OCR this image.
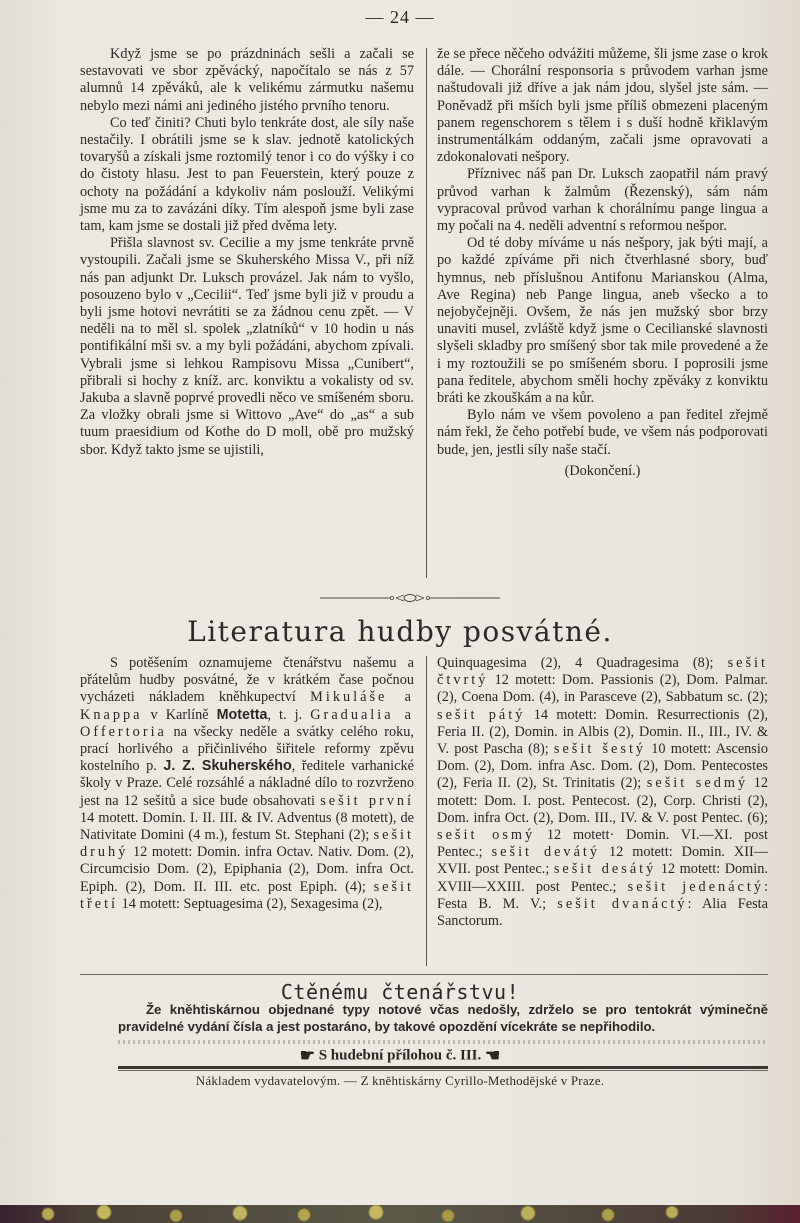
— 24 —

Když jsme se po prázdninách sešli a začali se sestavovati ve sbor zpěvácký, napočítalo se nás z 57 alumnů 14 zpěváků, ale k velikému zármutku našemu nebylo mezi námi ani jediného jistého prvního tenoru.

Co teď činiti? Chuti bylo tenkráte dost, ale síly naše nestačily. I obrátili jsme se k slav. jednotě katolických tovaryšů a získali jsme roztomilý tenor i co do výšky i co do čistoty hlasu. Jest to pan Feuerstein, který pouze z ochoty na požádání a kdykoliv nám poslouží. Velikými jsme mu za to zavázáni díky. Tím alespoň jsme byli zase tam, kam jsme se dostali již před dvěma lety.

Přišla slavnost sv. Cecilie a my jsme tenkráte prvně vystoupili. Začali jsme se Skuherského Missa V., při níž nás pan adjunkt Dr. Luksch provázel. Jak nám to vyšlo, posouzeno bylo v „Cecilii“. Teď jsme byli již v proudu a byli jsme hotovi nevrátiti se za žádnou cenu zpět. — V neděli na to měl sl. spolek „zlatníků“ v 10 hodin u nás pontifikální mši sv. a my byli požádáni, abychom zpívali. Vybrali jsme si lehkou Rampisovu Missa „Cunibert“, přibrali si hochy z kníž. arc. konviktu a vokalisty od sv. Jakuba a slavně poprvé provedli něco ve smíšeném sboru. Za vložky obrali jsme si Wittovo „Ave“ do „as“ a sub tuum praesidium od Kothe do D moll, obě pro mužský sbor. Když takto jsme se ujistili,

že se přece něčeho odvážiti můžeme, šli jsme zase o krok dále. — Chorální responsoria s průvodem varhan jsme naštudovali již dříve a jak nám jdou, slyšel jste sám. — Poněvadž při mších byli jsme příliš obmezeni placeným panem regenschorem s tělem i s duší hodně křiklavým instrumentálkám oddaným, začali jsme opravovati a zdokonalovati nešpory.

Příznivec náš pan Dr. Luksch zaopatřil nám pravý průvod varhan k žalmům (Řezenský), sám nám vypracoval průvod varhan k chorálnímu pange lingua a my počali na 4. neděli adventní s reformou nešpor.

Od té doby míváme u nás nešpory, jak býti mají, a po každé zpíváme při nich čtverhlasné sbory, buď hymnus, neb příslušnou Antifonu Marianskou (Alma, Ave Regina) neb Pange lingua, aneb všecko a to nejobyčejněji. Ovšem, že nás jen mužský sbor brzy unaviti musel, zvláště když jsme o Cecilianské slavnosti slyšeli skladby pro smíšený sbor tak mile provedené a že i my roztoužili se po smíšeném sboru. I poprosili jsme pana ředitele, abychom směli hochy zpěváky z konviktu bráti ke zkouškám a na kůr.

Bylo nám ve všem povoleno a pan ředitel zřejmě nám řekl, že čeho potřebí bude, ve všem nás podporovati bude, jen, jestli síly naše stačí.

(Dokončení.)

Literatura hudby posvátné.

S potěšením oznamujeme čtenářstvu našemu a přátelům hudby posvátné, že v krátkém čase počnou vycházeti nákladem kněhkupectví Mikuláše a Knappa v Karlíně Motetta, t. j. Gradualia a Offertoria na všecky neděle a svátky celého roku, prací horlivého a přičinlivého šiřitele reformy zpěvu kostelního p. J. Z. Skuherského, ředitele varhanické školy v Praze. Celé rozsáhlé a nákladné dílo to rozvrženo jest na 12 sešitů a sice bude obsahovati sešit první 14 motett. Domin. I. II. III. & IV. Adventus (8 motett), de Nativitate Domini (4 m.), festum St. Stephani (2); sešit druhý 12 motett: Domin. infra Octav. Nativ. Dom. (2), Circumcisio Dom. (2), Epiphania (2), Dom. infra Oct. Epiph. (2), Dom. II. III. etc. post Epiph. (4); sešit třetí 14 motett: Septuagesima (2), Sexagesima (2),

Quinquagesima (2), 4 Quadragesima (8); sešit čtvrtý 12 motett: Dom. Passionis (2), Dom. Palmar. (2), Coena Dom. (4), in Parasceve (2), Sabbatum sc. (2); sešit pátý 14 motett: Domin. Resurrectionis (2), Feria II. (2), Domin. in Albis (2), Domin. II., III., IV. & V. post Pascha (8); sešit šestý 10 motett: Ascensio Dom. (2), Dom. infra Asc. Dom. (2), Dom. Pentecostes (2), Feria II. (2), St. Trinitatis (2); sešit sedmý 12 motett: Dom. I. post. Pentecost. (2), Corp. Christi (2), Dom. infra Oct. (2), Dom. III., IV. & V. post Pentec. (6); sešit osmý 12 motett· Domin. VI.—XI. post Pentec.; sešit devátý 12 motett: Domin. XII—XVII. post Pentec.; sešit desátý 12 motett: Domin. XVIII—XXIII. post Pentec.; sešit jedenáctý: Festa B. M. V.; sešit dvanáctý: Alia Festa Sanctorum.

Ctěnému čtenářstvu!
Že kněhtiskárnou objednané typy notové včas nedošly, zdrželo se pro tentokrát výminečně pravidelné vydání čísla a jest postaráno, by takové opozdění vícekráte se nepřihodilo.
☛ S hudební přílohou č. III. ☚
Nákladem vydavatelovým. — Z kněhtiskárny Cyrillo-Methodějské v Praze.
